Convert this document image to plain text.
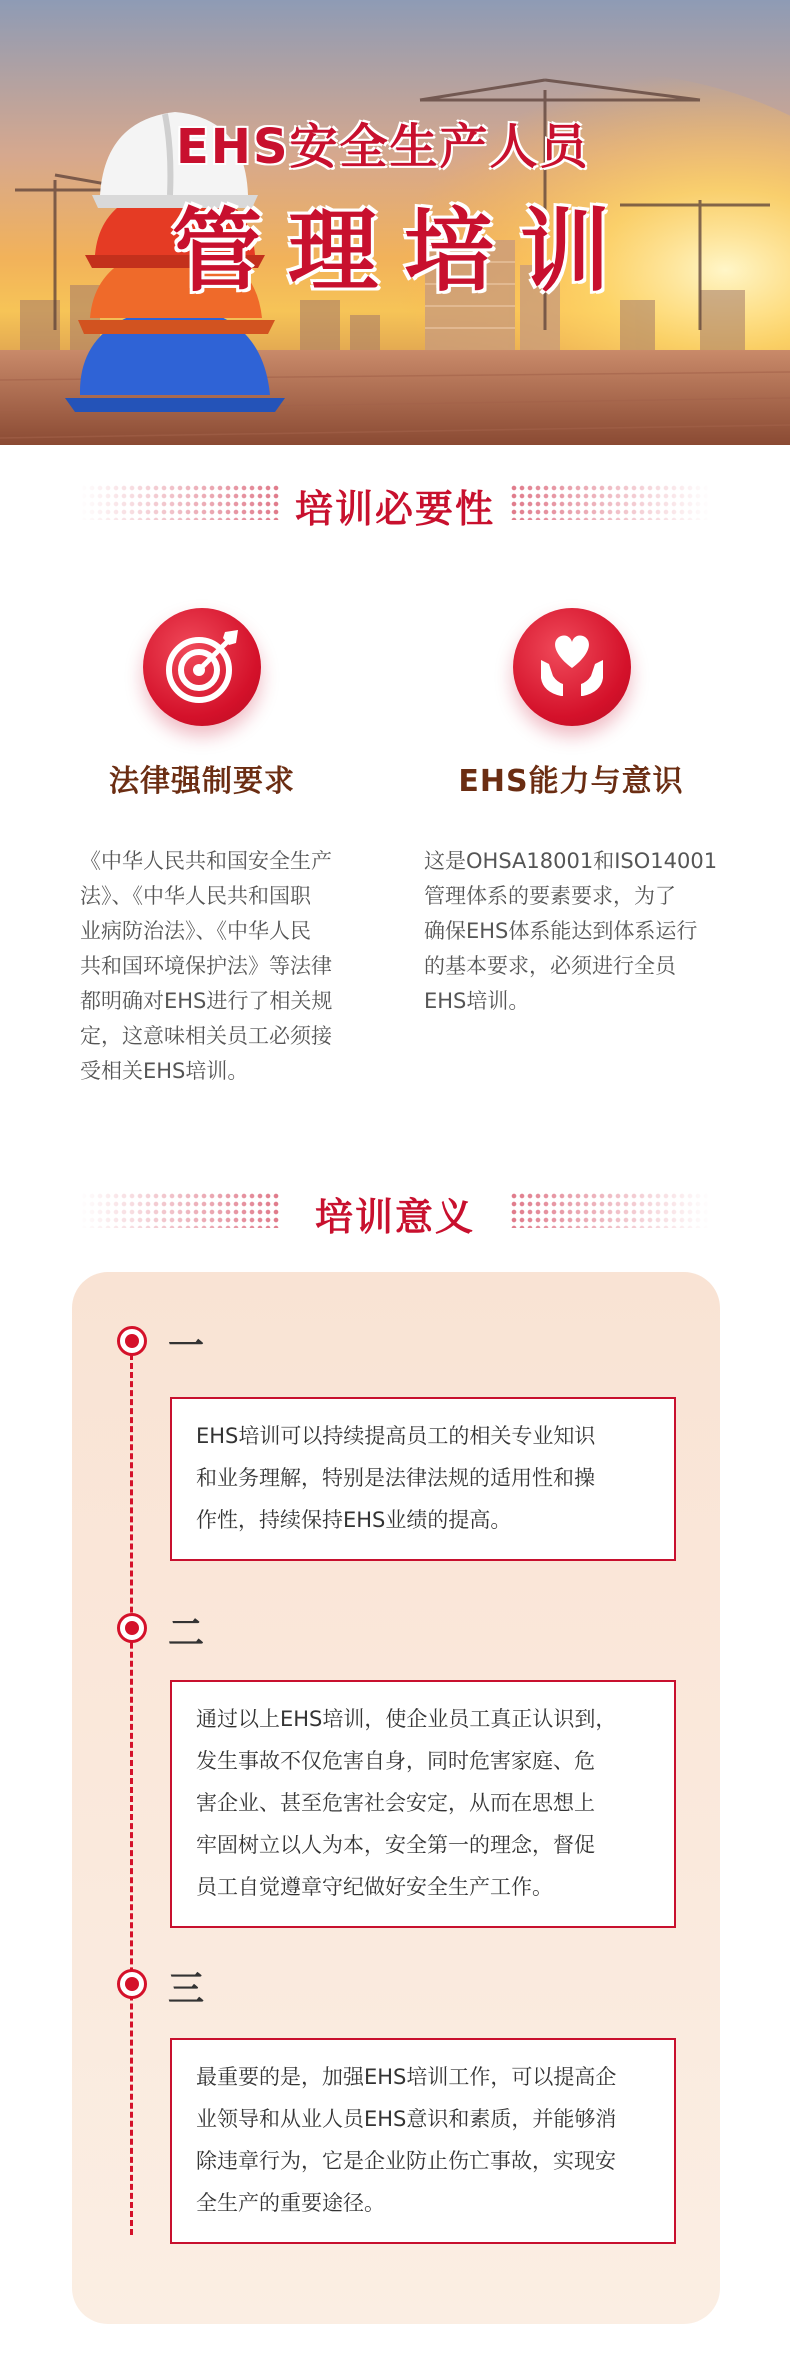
EHS安全生产人员
管理培训
培训必要性
法律强制要求	EHS能力与意识
《中华人民共和国安全生产
法》、《中华人民共和国职
业病防治法》、《中华人民
共和国环境保护法》等法律
都明确对EHS进行了相关规
定，这意味相关员工必须接
受相关EHS培训。
这是OHSA18001和ISO14001
管理体系的要素要求，为了
确保EHS体系能达到体系运行
的基本要求，必须进行全员
EHS培训。
培训意义
一
EHS培训可以持续提高员工的相关专业知识
和业务理解，特别是法律法规的适用性和操
作性，持续保持EHS业绩的提高。
二
通过以上EHS培训，使企业员工真正认识到，
发生事故不仅危害自身，同时危害家庭、危
害企业、甚至危害社会安定，从而在思想上
牢固树立以人为本，安全第一的理念，督促
员工自觉遵章守纪做好安全生产工作。
三
最重要的是，加强EHS培训工作，可以提高企
业领导和从业人员EHS意识和素质，并能够消
除违章行为，它是企业防止伤亡事故，实现安
全生产的重要途径。
